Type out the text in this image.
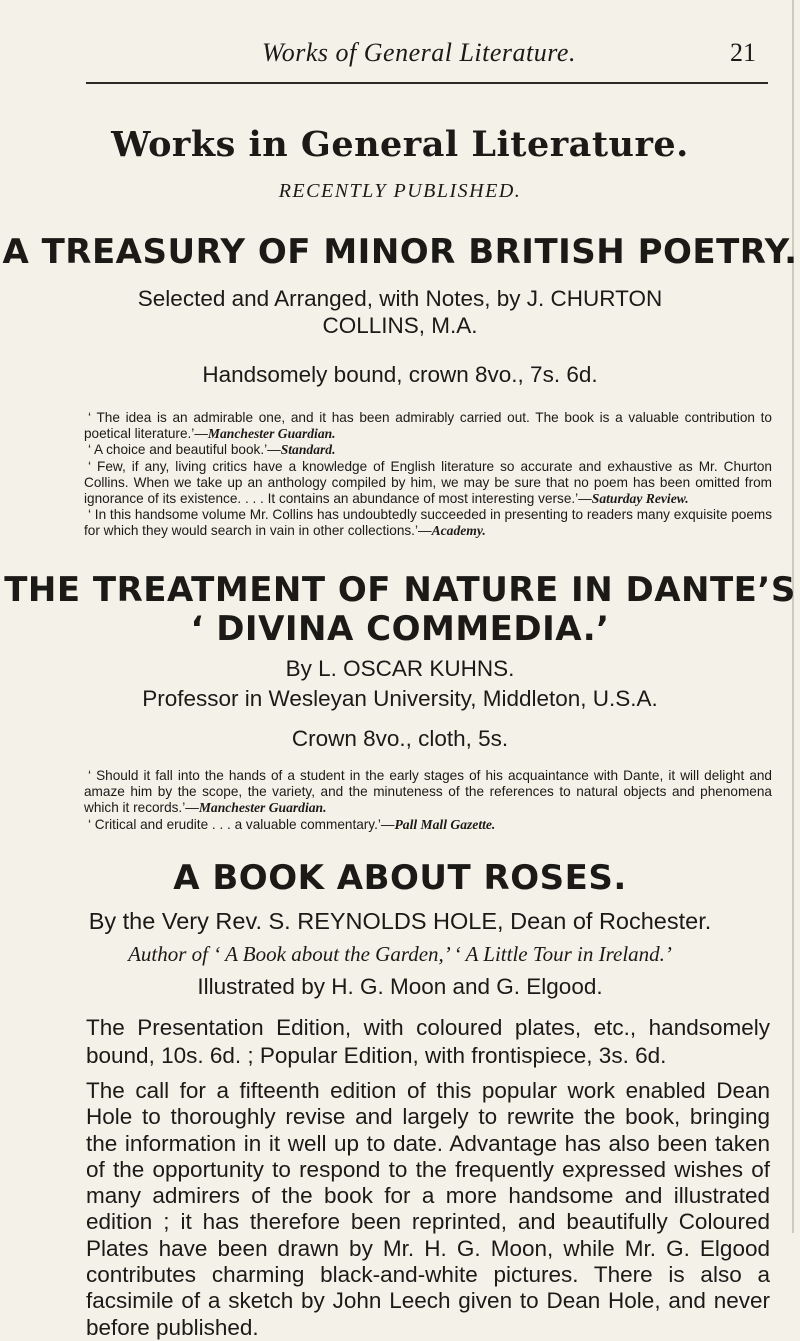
Works of General Literature.	21
Works in General Literature.
RECENTLY PUBLISHED.
A TREASURY OF MINOR BRITISH POETRY.
Selected and Arranged, with Notes, by J. CHURTON
COLLINS, M.A.
Handsomely bound, crown 8vo., 7s. 6d.

‘ The idea is an admirable one, and it has been admirably carried out. The book is a valuable contribution to poetical literature.’—Manchester Guardian.

‘ A choice and beautiful book.’—Standard.

‘ Few, if any, living critics have a knowledge of English literature so accurate and exhaustive as Mr. Churton Collins. When we take up an anthology compiled by him, we may be sure that no poem has been omitted from ignorance of its existence. . . . It contains an abundance of most interesting verse.’—Saturday Review.

‘ In this handsome volume Mr. Collins has undoubtedly succeeded in presenting to readers many exquisite poems for which they would search in vain in other collections.’—Academy.

THE TREATMENT OF NATURE IN DANTE’S
‘ DIVINA COMMEDIA.’
By L. OSCAR KUHNS.
Professor in Wesleyan University, Middleton, U.S.A.
Crown 8vo., cloth, 5s.

‘ Should it fall into the hands of a student in the early stages of his acquaintance with Dante, it will delight and amaze him by the scope, the variety, and the minuteness of the references to natural objects and phenomena which it records.’—Manchester Guardian.

‘ Critical and erudite . . . a valuable commentary.’—Pall Mall Gazette.

A BOOK ABOUT ROSES.
By the Very Rev. S. REYNOLDS HOLE, Dean of Rochester.
Author of ‘ A Book about the Garden,’ ‘ A Little Tour in Ireland.’
Illustrated by H. G. Moon and G. Elgood.
The Presentation Edition, with coloured plates, etc., handsomely bound, 10s. 6d. ; Popular Edition, with frontispiece, 3s. 6d.
The call for a fifteenth edition of this popular work enabled Dean Hole to thoroughly revise and largely to rewrite the book, bringing the information in it well up to date. Advantage has also been taken of the opportunity to respond to the frequently expressed wishes of many admirers of the book for a more handsome and illustrated edition ; it has therefore been reprinted, and beautifully Coloured Plates have been drawn by Mr. H. G. Moon, while Mr. G. Elgood contributes charming black-and-white pictures. There is also a facsimile of a sketch by John Leech given to Dean Hole, and never before published.
